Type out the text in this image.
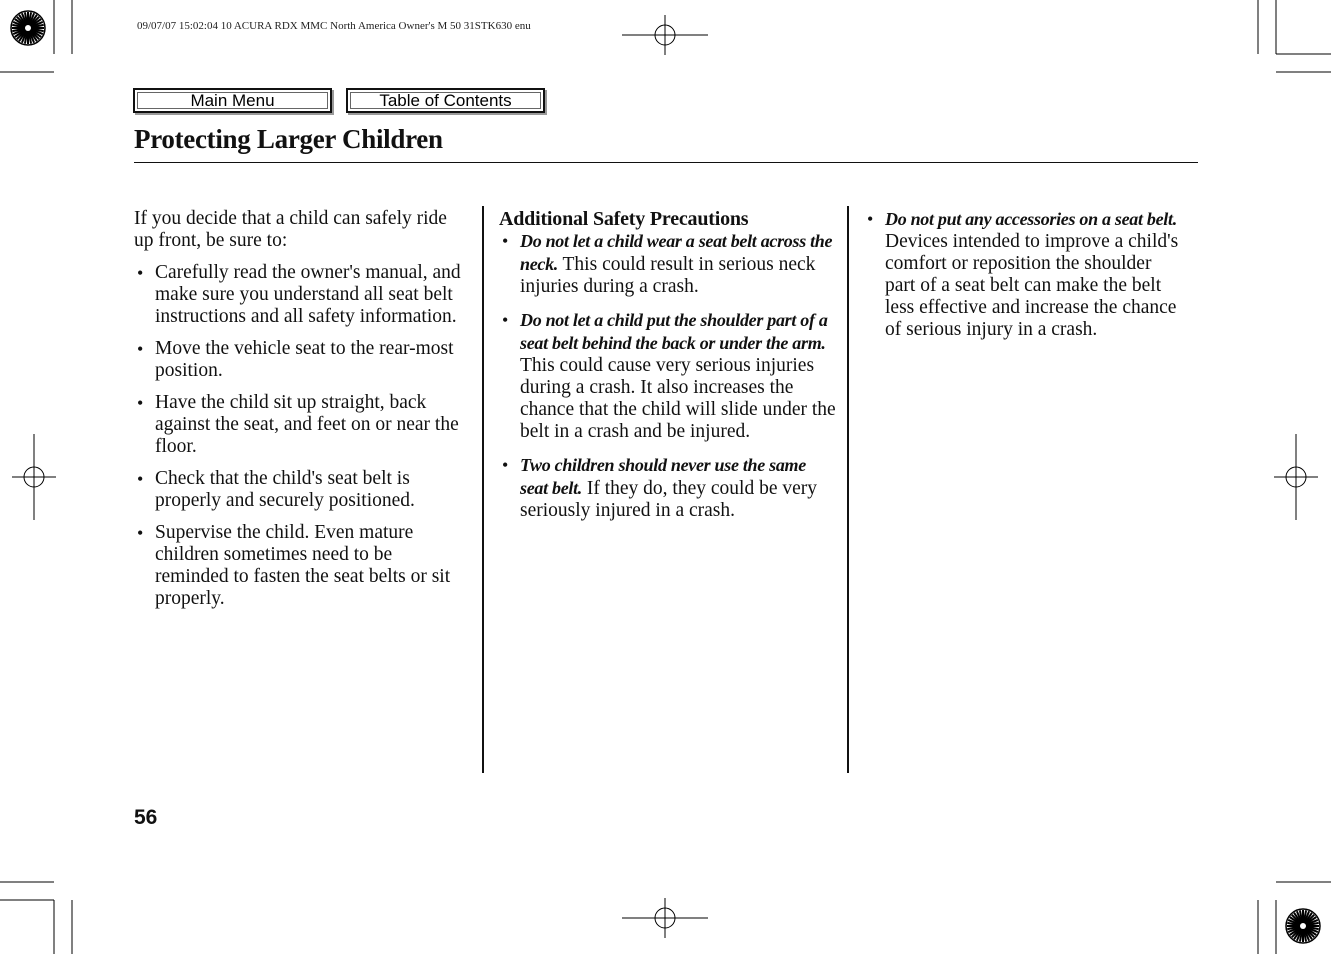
09/07/07 15:02:04 10 ACURA RDX MMC North America Owner's M 50 31STK630 enu
Main Menu	Table of Contents
Protecting Larger Children

If you decide that a child can safely ride up front, be sure to:

• Carefully read the owner's manual, and make sure you understand all seat belt instructions and all safety information.
• Move the vehicle seat to the rear-most position.
• Have the child sit up straight, back against the seat, and feet on or near the floor.
• Check that the child's seat belt is properly and securely positioned.
• Supervise the child. Even mature children sometimes need to be reminded to fasten the seat belts or sit properly.

Additional Safety Precautions

• Do not let a child wear a seat belt across the neck. This could result in serious neck injuries during a crash.
• Do not let a child put the shoulder part of a seat belt behind the back or under the arm. This could cause very serious injuries during a crash. It also increases the chance that the child will slide under the belt in a crash and be injured.
• Two children should never use the same seat belt. If they do, they could be very seriously injured in a crash.
• Do not put any accessories on a seat belt. Devices intended to improve a child's comfort or reposition the shoulder part of a seat belt can make the belt less effective and increase the chance of serious injury in a crash.
56
